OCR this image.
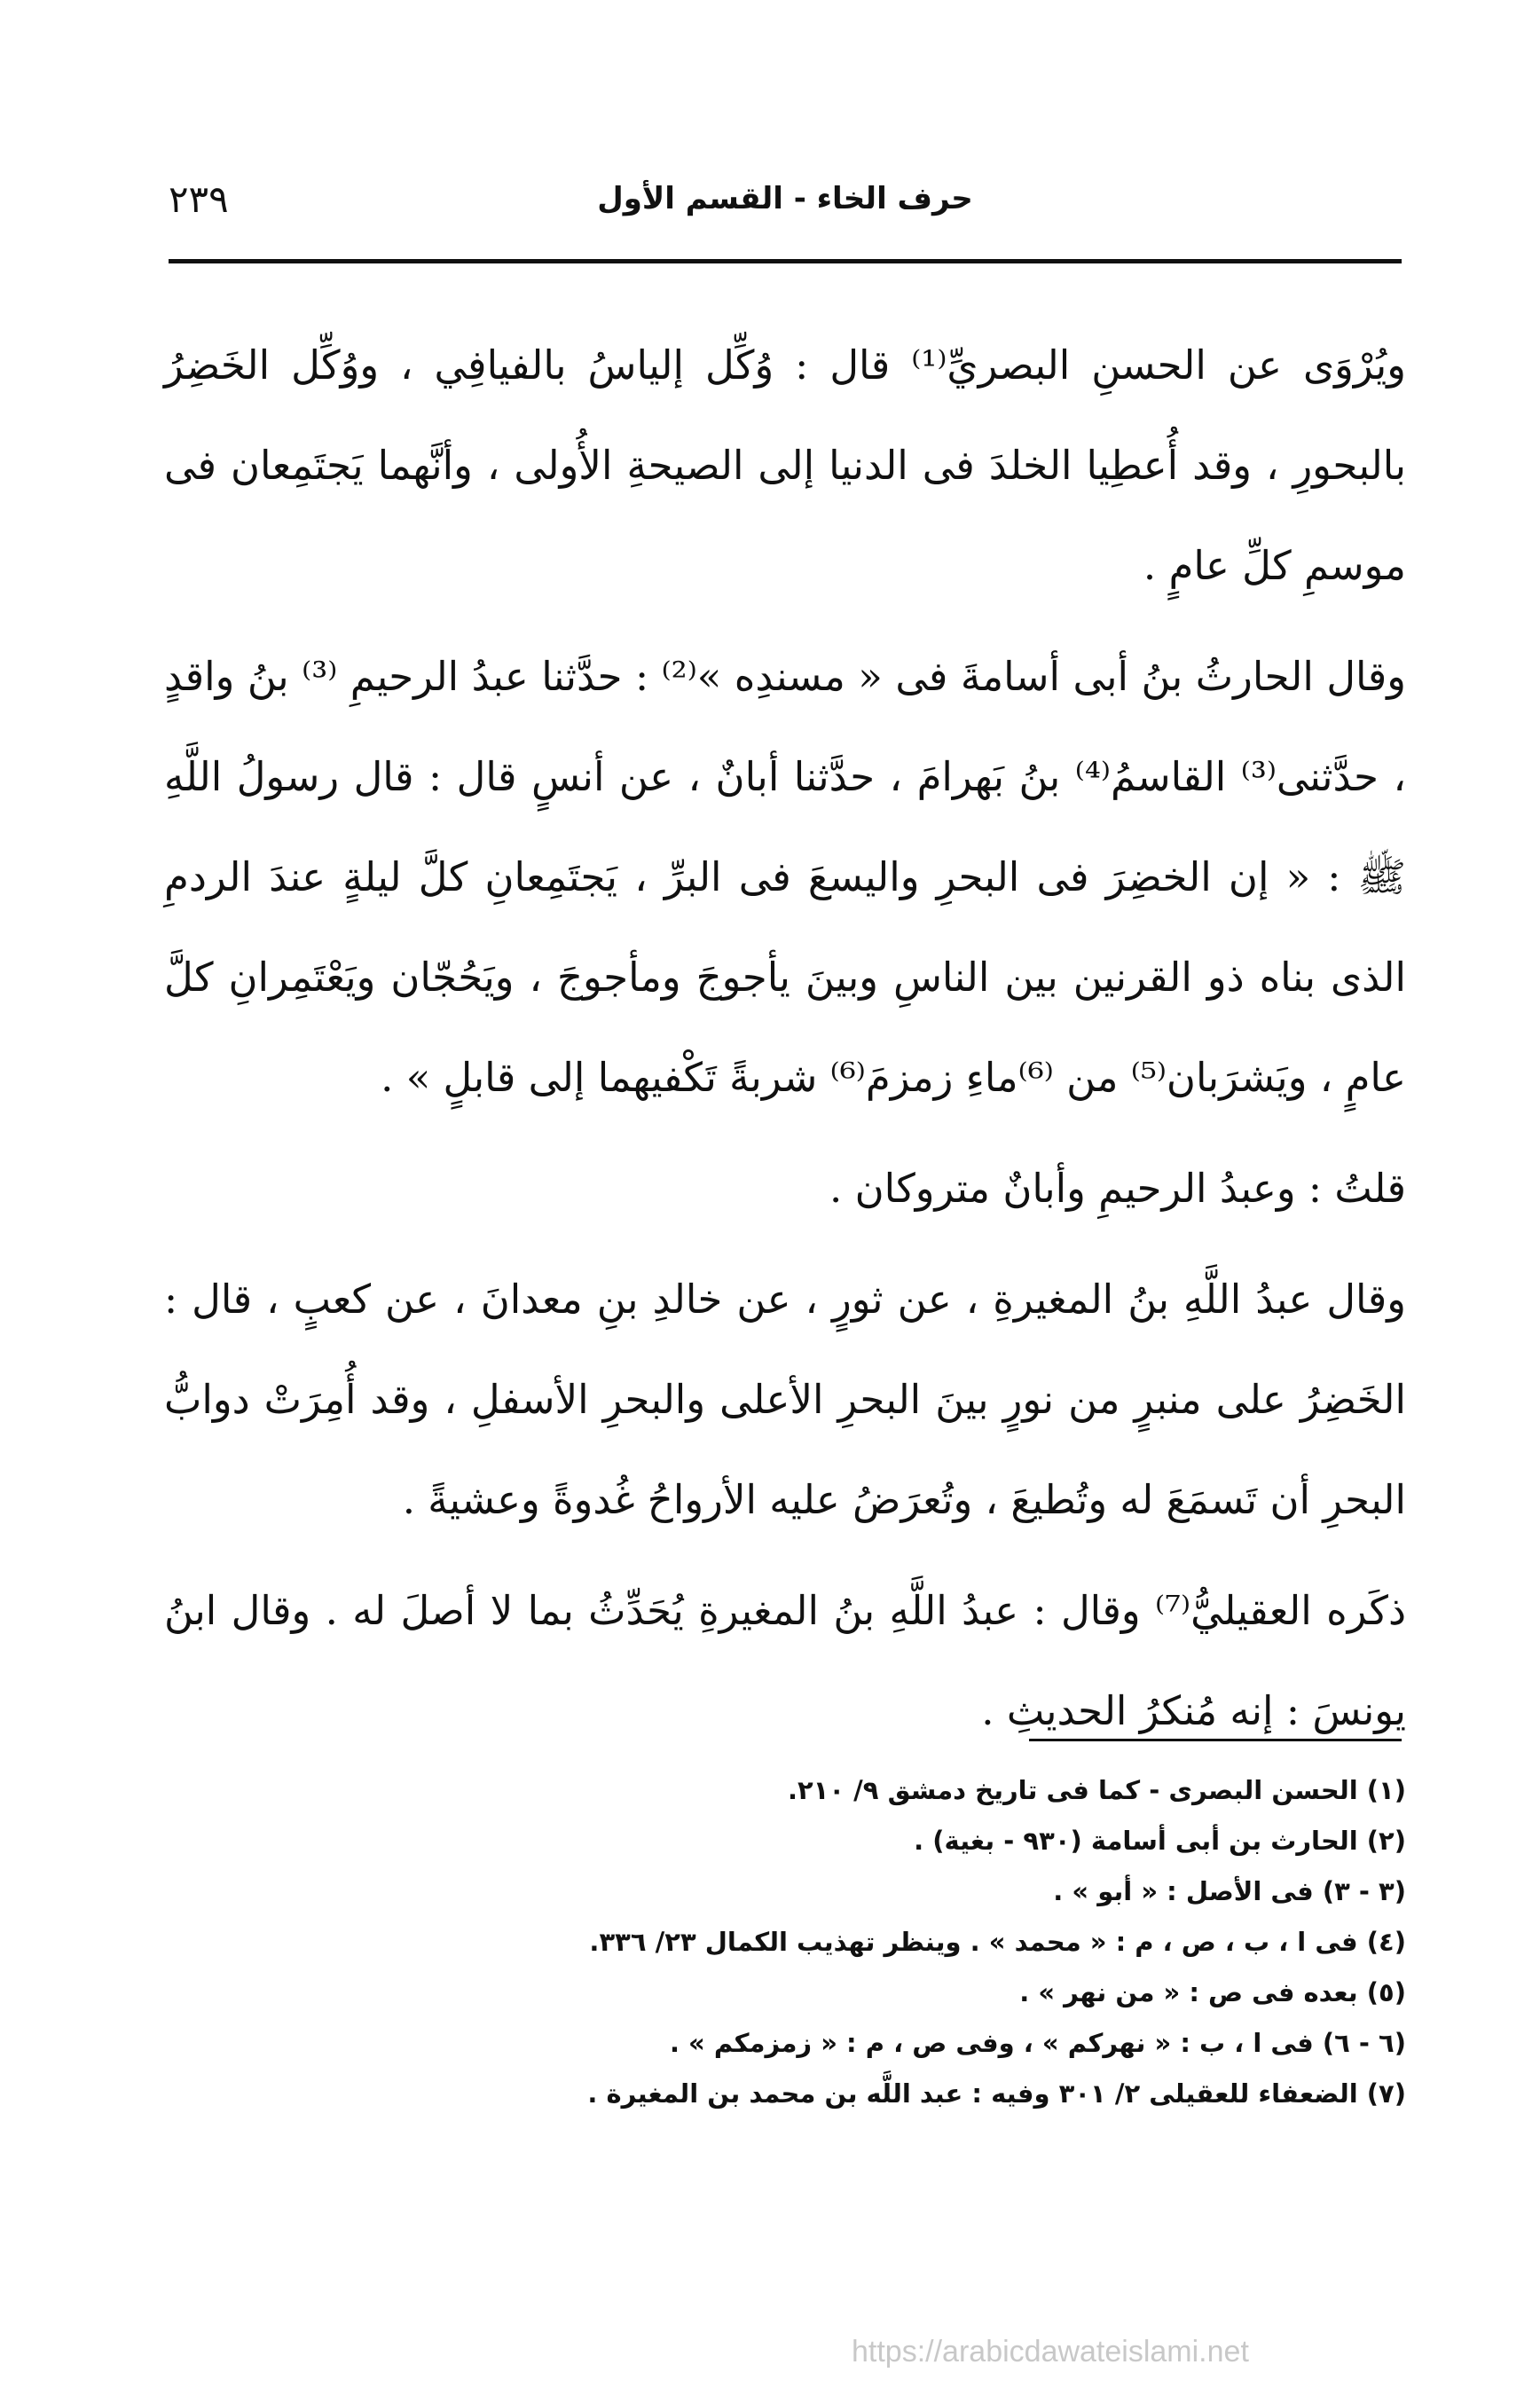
حرف الخاء - القسم الأول
٢٣٩

ويُرْوَى عن الحسنِ البصريِّ⁽¹⁾ قال : وُكِّل إلياسُ بالفيافِي ، ووُكِّل الخَضِرُ بالبحورِ ، وقد أُعطِيا الخلدَ فى الدنيا إلى الصيحةِ الأُولى ، وأنَّهما يَجتَمِعان فى موسمِ كلِّ عامٍ .

وقال الحارثُ بنُ أبى أسامةَ فى « مسندِه »⁽²⁾ : حدَّثنا عبدُ الرحيمِ ⁽³⁾ بنُ واقدٍ ، حدَّثنى⁽³⁾ القاسمُ⁽⁴⁾ بنُ بَهرامَ ، حدَّثنا أبانٌ ، عن أنسٍ قال : قال رسولُ اللَّهِ ﷺ : « إن الخضِرَ فى البحرِ واليسعَ فى البرِّ ، يَجتَمِعانِ كلَّ ليلةٍ عندَ الردمِ الذى بناه ذو القرنين بين الناسِ وبينَ يأجوجَ ومأجوجَ ، ويَحُجّان ويَعْتَمِرانِ كلَّ عامٍ ، ويَشرَبان⁽⁵⁾ من ⁽⁶⁾ماءِ زمزمَ⁽⁶⁾ شربةً تَكْفيهما إلى قابلٍ » .

قلتُ : وعبدُ الرحيمِ وأبانٌ متروكان .

وقال عبدُ اللَّهِ بنُ المغيرةِ ، عن ثورٍ ، عن خالدِ بنِ معدانَ ، عن كعبٍ ، قال : الخَضِرُ على منبرٍ من نورٍ بينَ البحرِ الأعلى والبحرِ الأسفلِ ، وقد أُمِرَتْ دوابُّ البحرِ أن تَسمَعَ له وتُطيعَ ، وتُعرَضُ عليه الأرواحُ غُدوةً وعشيةً .

ذكَره العقيليُّ⁽⁷⁾ وقال : عبدُ اللَّهِ بنُ المغيرةِ يُحَدِّثُ بما لا أصلَ له . وقال ابنُ يونسَ : إنه مُنكرُ الحديثِ .

(١) الحسن البصرى - كما فى تاريخ دمشق ٩/ ٢١٠.
(٢) الحارث بن أبى أسامة (٩٣٠ - بغية) .
(٣ - ٣) فى الأصل : « أبو » .
(٤) فى ا ، ب ، ص ، م : « محمد » . وينظر تهذيب الكمال ٢٣/ ٣٣٦.
(٥) بعده فى ص : « من نهر » .
(٦ - ٦) فى ا ، ب : « نهركم » ، وفى ص ، م : « زمزمكم » .
(٧) الضعفاء للعقيلى ٢/ ٣٠١ وفيه : عبد اللَّه بن محمد بن المغيرة .
https://arabicdawateislami.net
